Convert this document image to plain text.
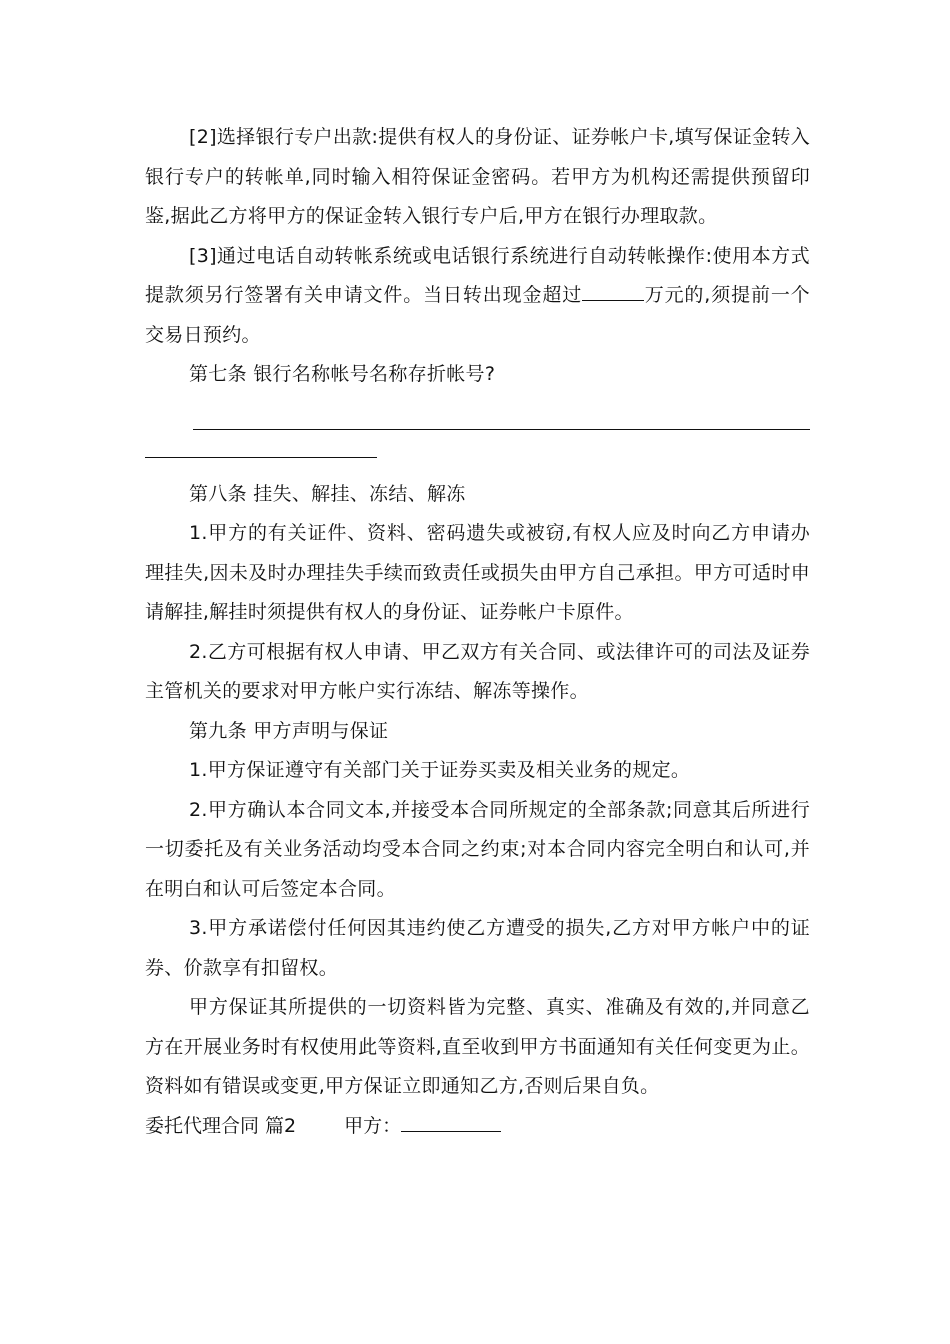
[2]选择银行专户出款:提供有权人的身份证、证券帐户卡,填写保证金转入银行专户的转帐单,同时输入相符保证金密码。若甲方为机构还需提供预留印鉴,据此乙方将甲方的保证金转入银行专户后,甲方在银行办理取款。

[3]通过电话自动转帐系统或电话银行系统进行自动转帐操作:使用本方式提款须另行签署有关申请文件。当日转出现金超过	万元的,须提前一个交易日预约。

第七条 银行名称帐号名称存折帐号?

第八条 挂失、解挂、冻结、解冻

1.甲方的有关证件、资料、密码遗失或被窃,有权人应及时向乙方申请办理挂失,因未及时办理挂失手续而致责任或损失由甲方自己承担。甲方可适时申请解挂,解挂时须提供有权人的身份证、证券帐户卡原件。

2.乙方可根据有权人申请、甲乙双方有关合同、或法律许可的司法及证券主管机关的要求对甲方帐户实行冻结、解冻等操作。

第九条 甲方声明与保证

1.甲方保证遵守有关部门关于证券买卖及相关业务的规定。

2.甲方确认本合同文本,并接受本合同所规定的全部条款;同意其后所进行一切委托及有关业务活动均受本合同之约束;对本合同内容完全明白和认可,并在明白和认可后签定本合同。

3.甲方承诺偿付任何因其违约使乙方遭受的损失,乙方对甲方帐户中的证券、价款享有扣留权。

甲方保证其所提供的一切资料皆为完整、真实、准确及有效的,并同意乙方在开展业务时有权使用此等资料,直至收到甲方书面通知有关任何变更为止。资料如有错误或变更,甲方保证立即通知乙方,否则后果自负。

委托代理合同 篇2	甲方：
